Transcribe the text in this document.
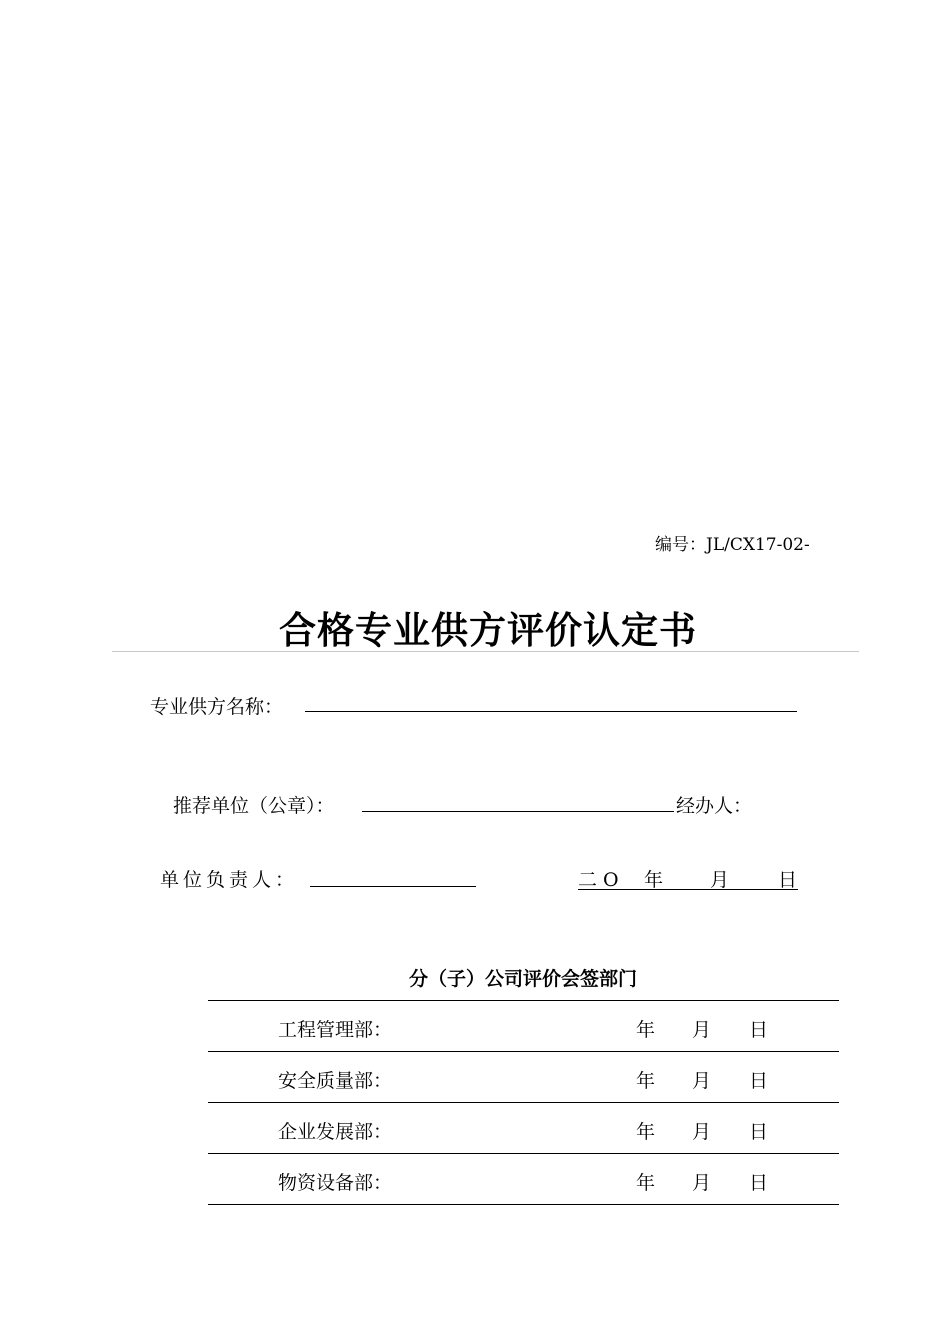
编号：JL/CX17-02-
合格专业供方评价认定书
专业供方名称：
推荐单位（公章）：	经办人：
单位负责人：	二O 年 月	日
分（子）公司评价会签部门
工程管理部：	年 月 日
安全质量部：	年 月 日
企业发展部：	年 月 日
物资设备部：	年 月 日
